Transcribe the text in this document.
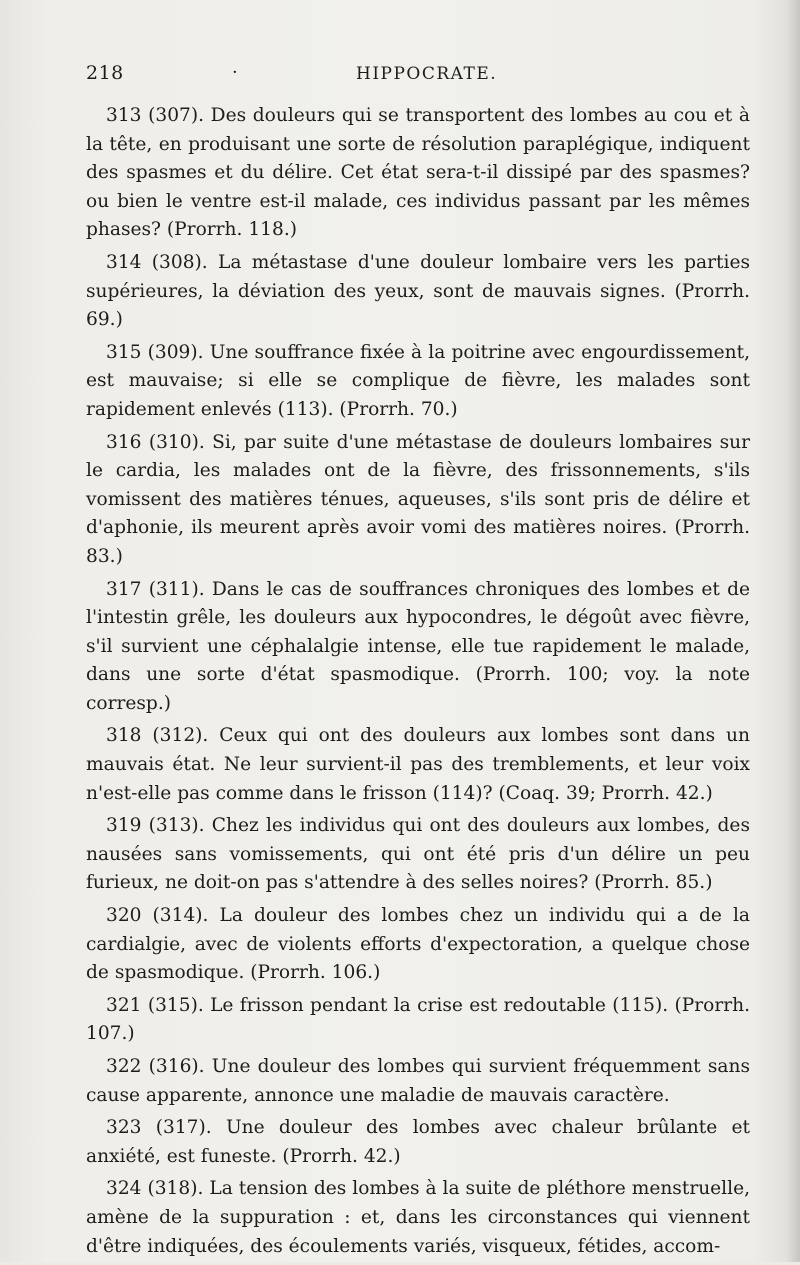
218	·	HIPPOCRATE.

313 (307). Des douleurs qui se transportent des lombes au cou et à la tête, en produisant une sorte de résolution paraplégique, indiquent des spasmes et du délire. Cet état sera-t-il dissipé par des spasmes? ou bien le ventre est-il malade, ces individus passant par les mêmes phases? (Prorrh. 118.)

314 (308). La métastase d'une douleur lombaire vers les parties supérieures, la déviation des yeux, sont de mauvais signes. (Prorrh. 69.)

315 (309). Une souffrance fixée à la poitrine avec engourdissement, est mauvaise; si elle se complique de fièvre, les malades sont rapidement enlevés (113). (Prorrh. 70.)

316 (310). Si, par suite d'une métastase de douleurs lombaires sur le cardia, les malades ont de la fièvre, des frissonnements, s'ils vomissent des matières ténues, aqueuses, s'ils sont pris de délire et d'aphonie, ils meurent après avoir vomi des matières noires. (Prorrh. 83.)

317 (311). Dans le cas de souffrances chroniques des lombes et de l'intestin grêle, les douleurs aux hypocondres, le dégoût avec fièvre, s'il survient une céphalalgie intense, elle tue rapidement le malade, dans une sorte d'état spasmodique. (Prorrh. 100; voy. la note corresp.)

318 (312). Ceux qui ont des douleurs aux lombes sont dans un mauvais état. Ne leur survient-il pas des tremblements, et leur voix n'est-elle pas comme dans le frisson (114)? (Coaq. 39; Prorrh. 42.)

319 (313). Chez les individus qui ont des douleurs aux lombes, des nausées sans vomissements, qui ont été pris d'un délire un peu furieux, ne doit-on pas s'attendre à des selles noires? (Prorrh. 85.)

320 (314). La douleur des lombes chez un individu qui a de la cardialgie, avec de violents efforts d'expectoration, a quelque chose de spasmodique. (Prorrh. 106.)

321 (315). Le frisson pendant la crise est redoutable (115). (Prorrh. 107.)

322 (316). Une douleur des lombes qui survient fréquemment sans cause apparente, annonce une maladie de mauvais caractère.

323 (317). Une douleur des lombes avec chaleur brûlante et anxiété, est funeste. (Prorrh. 42.)

324 (318). La tension des lombes à la suite de pléthore menstruelle, amène de la suppuration : et, dans les circonstances qui viennent d'être indiquées, des écoulements variés, visqueux, fétides, accom-
